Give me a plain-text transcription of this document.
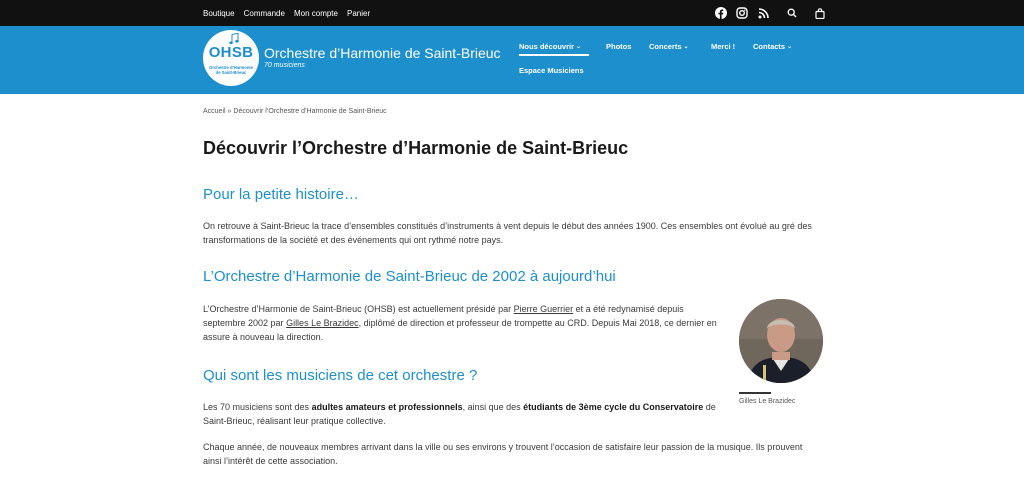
Boutique Commande Mon compte Panier
OHSB
Orchestre d'Harmonie de Saint-Brieuc
Orchestre d’Harmonie de Saint-Brieuc
70 musiciens
Nous découvrir ⌄	Photos Concerts ⌄	Merci ! Contacts ⌄
Espace Musiciens
Accueil » Découvrir l’Orchestre d’Harmonie de Saint-Brieuc
Découvrir l’Orchestre d’Harmonie de Saint-Brieuc
Pour la petite histoire…

On retrouve à Saint-Brieuc la trace d’ensembles constitués d’instruments à vent depuis le début des années 1900. Ces ensembles ont évolué au gré des transformations de la société et des événements qui ont rythmé notre pays.

L’Orchestre d’Harmonie de Saint-Brieuc de 2002 à aujourd’hui

L’Orchestre d’Harmonie de Saint-Brieuc (OHSB) est actuellement présidé par Pierre Guerrier et a été redynamisé depuis septembre 2002 par Gilles Le Brazidec, diplômé de direction et professeur de trompette au CRD. Depuis Mai 2018, ce dernier en assure à nouveau la direction.

Gilles Le Brazidec
Qui sont les musiciens de cet orchestre ?

Les 70 musiciens sont des adultes amateurs et professionnels, ainsi que des étudiants de 3ème cycle du Conservatoire de Saint-Brieuc, réalisant leur pratique collective.

Chaque année, de nouveaux membres arrivant dans la ville ou ses environs y trouvent l’occasion de satisfaire leur passion de la musique. Ils prouvent ainsi l’intérêt de cette association.
